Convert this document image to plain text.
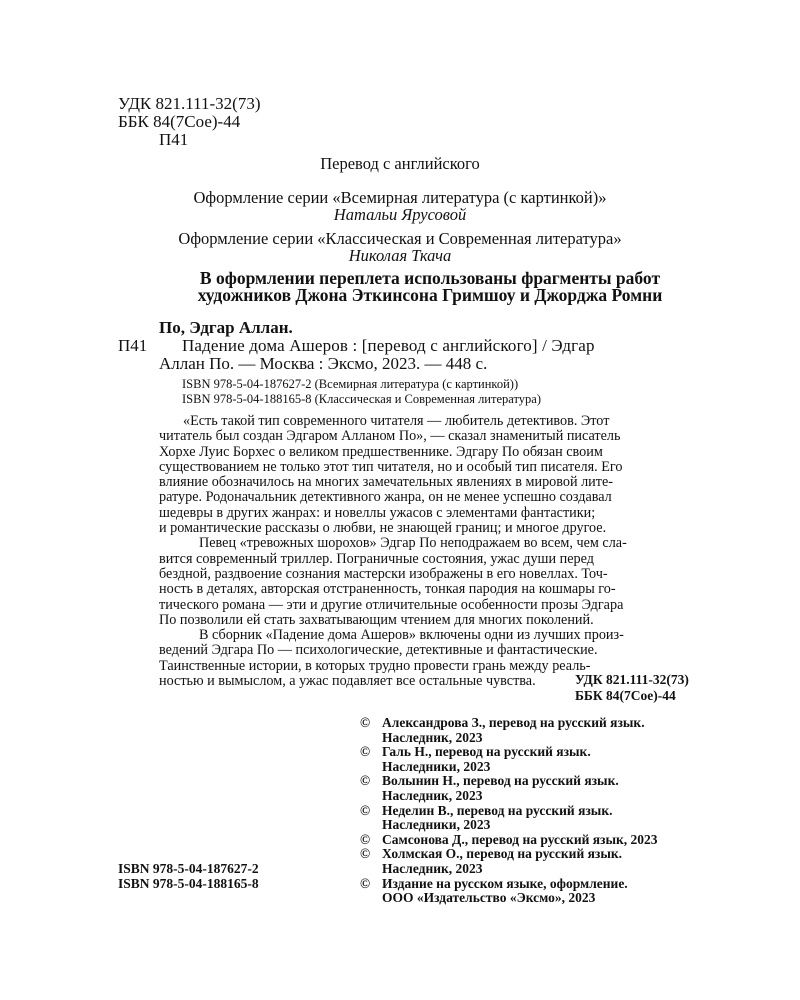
УДК 821.111-32(73)
ББК 84(7Сое)-44
П41
Перевод с английского
Оформление серии «Всемирная литература (с картинкой)»
Натальи Ярусовой
Оформление серии «Классическая и Современная литература»
Николая Ткача
В оформлении переплета использованы фрагменты работ
художников Джона Эткинсона Гримшоу и Джорджа Ромни
По, Эдгар Аллан.
П41 Падение дома Ашеров : [перевод с английского] / Эдгар
Аллан По. — Москва : Эксмо, 2023. — 448 с.
ISBN 978-5-04-187627-2 (Всемирная литература (с картинкой))
ISBN 978-5-04-188165-8 (Классическая и Современная литература)

«Есть такой тип современного читателя — любитель детективов. Этот
читатель был создан Эдгаром Алланом По», — сказал знаменитый писатель
Хорхе Луис Борхес о великом предшественнике. Эдгару По обязан своим
существованием не только этот тип читателя, но и особый тип писателя. Его
влияние обозначилось на многих замечательных явлениях в мировой лите-
ратуре. Родоначальник детективного жанра, он не менее успешно создавал
шедевры в других жанрах: и новеллы ужасов с элементами фантастики;
и романтические рассказы о любви, не знающей границ; и многое другое.

Певец «тревожных шорохов» Эдгар По неподражаем во всем, чем сла-
вится современный триллер. Пограничные состояния, ужас души перед
бездной, раздвоение сознания мастерски изображены в его новеллах. Точ-
ность в деталях, авторская отстраненность, тонкая пародия на кошмары го-
тического романа — эти и другие отличительные особенности прозы Эдгара
По позволили ей стать захватывающим чтением для многих поколений.

В сборник «Падение дома Ашеров» включены одни из лучших произ-
ведений Эдгара По — психологические, детективные и фантастические.
Таинственные истории, в которых трудно провести грань между реаль-
ностью и вымыслом, а ужас подавляет все остальные чувства.	УДК 821.111-32(73)
ББК 84(7Сое)-44
© Александрова З., перевод на русский язык.
Наследник, 2023
© Галь Н., перевод на русский язык.
Наследники, 2023
© Волынин Н., перевод на русский язык.
Наследник, 2023
© Неделин В., перевод на русский язык.
Наследники, 2023
© Самсонова Д., перевод на русский язык, 2023
© Холмская О., перевод на русский язык.
Наследник, 2023
© Издание на русском языке, оформление.
ООО «Издательство «Эксмо», 2023
ISBN 978-5-04-187627-2
ISBN 978-5-04-188165-8
